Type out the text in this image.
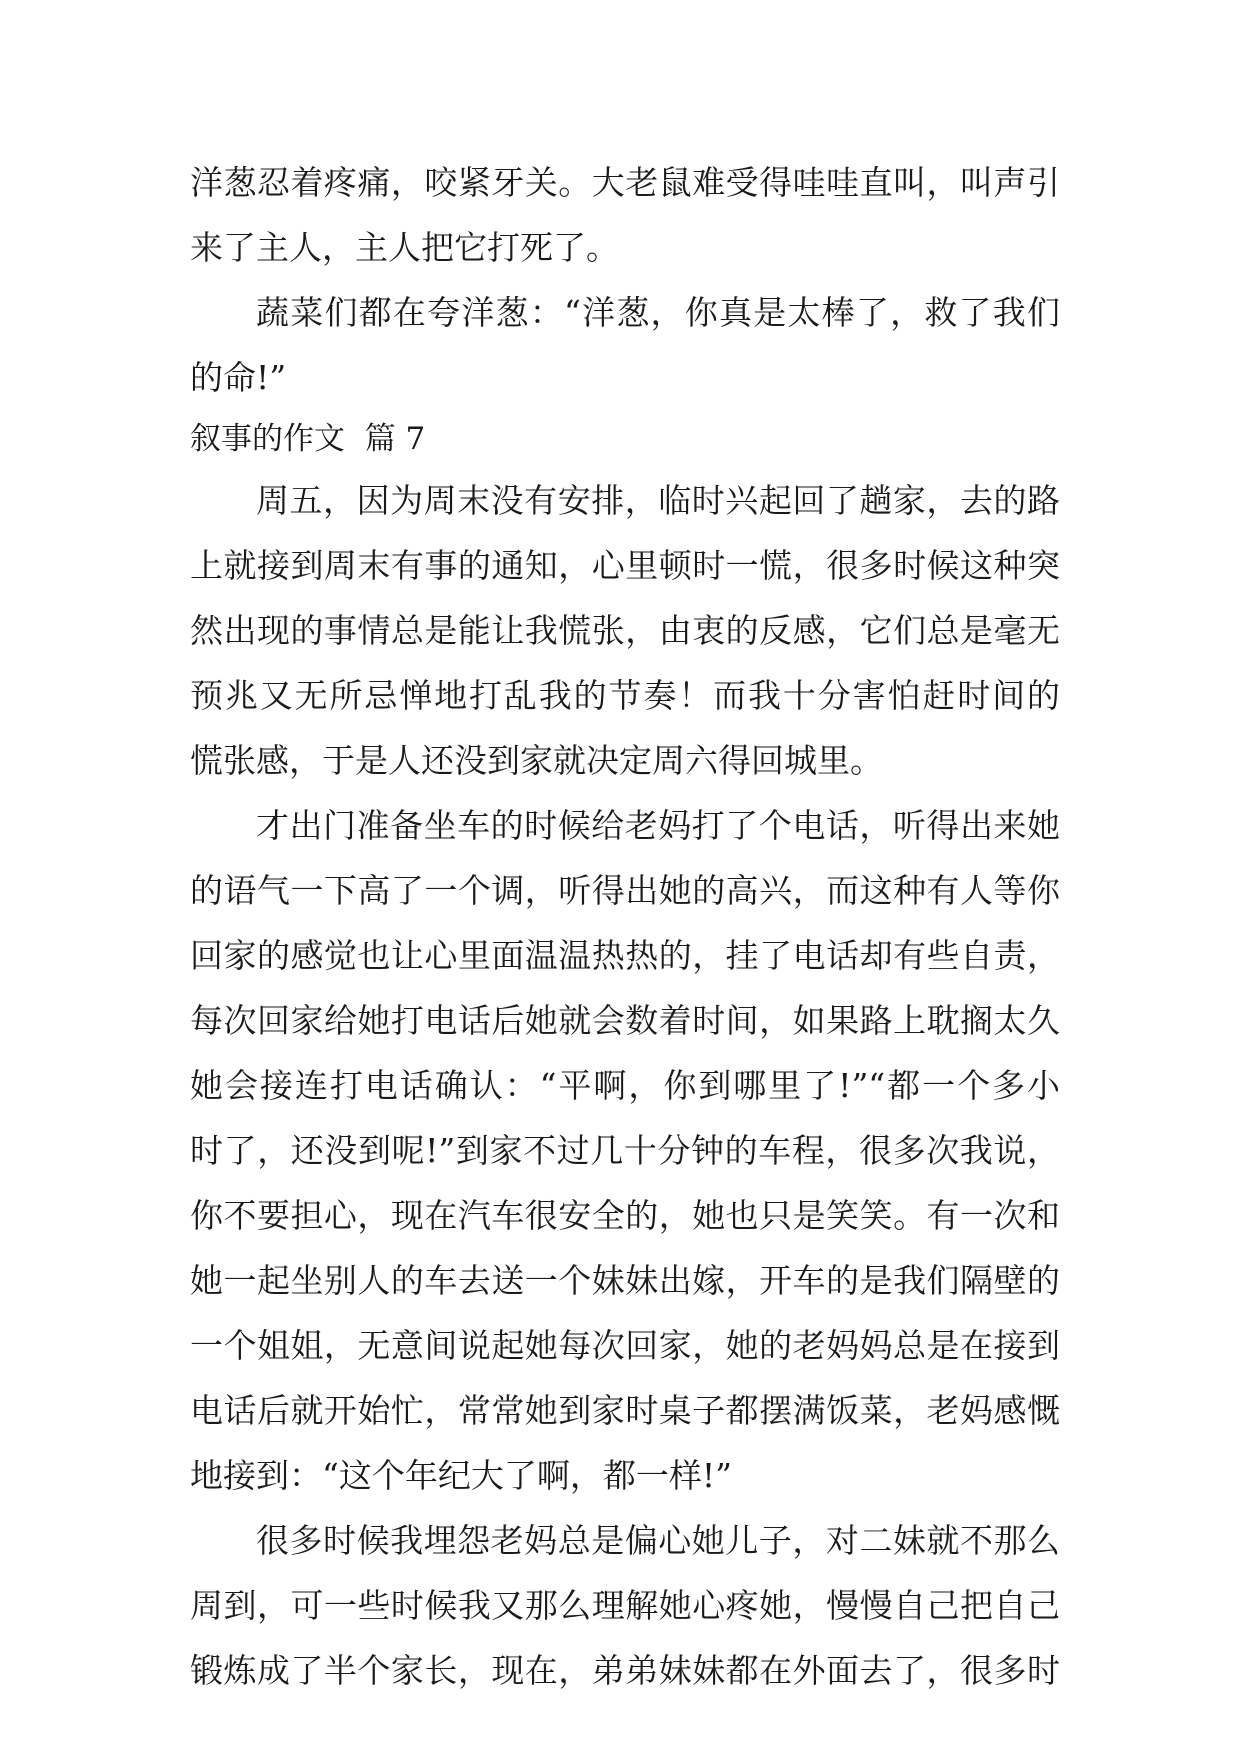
洋葱忍着疼痛，咬紧牙关。大老鼠难受得哇哇直叫，叫声引
来了主人，主人把它打死了。
蔬菜们都在夸洋葱：“洋葱，你真是太棒了，救了我们
的命!”
叙事的作文  篇 7
周五，因为周末没有安排，临时兴起回了趟家，去的路
上就接到周末有事的通知，心里顿时一慌，很多时候这种突
然出现的事情总是能让我慌张，由衷的反感，它们总是毫无
预兆又无所忌惮地打乱我的节奏！而我十分害怕赶时间的
慌张感，于是人还没到家就决定周六得回城里。
才出门准备坐车的时候给老妈打了个电话，听得出来她
的语气一下高了一个调，听得出她的高兴，而这种有人等你
回家的感觉也让心里面温温热热的，挂了电话却有些自责，
每次回家给她打电话后她就会数着时间，如果路上耽搁太久
她会接连打电话确认：“平啊，你到哪里了!”“都一个多小
时了，还没到呢!”到家不过几十分钟的车程，很多次我说，
你不要担心，现在汽车很安全的，她也只是笑笑。有一次和
她一起坐别人的车去送一个妹妹出嫁，开车的是我们隔壁的
一个姐姐，无意间说起她每次回家，她的老妈妈总是在接到
电话后就开始忙，常常她到家时桌子都摆满饭菜，老妈感慨
地接到：“这个年纪大了啊，都一样!”
很多时候我埋怨老妈总是偏心她儿子，对二妹就不那么
周到，可一些时候我又那么理解她心疼她，慢慢自己把自己
锻炼成了半个家长，现在，弟弟妹妹都在外面去了，很多时
